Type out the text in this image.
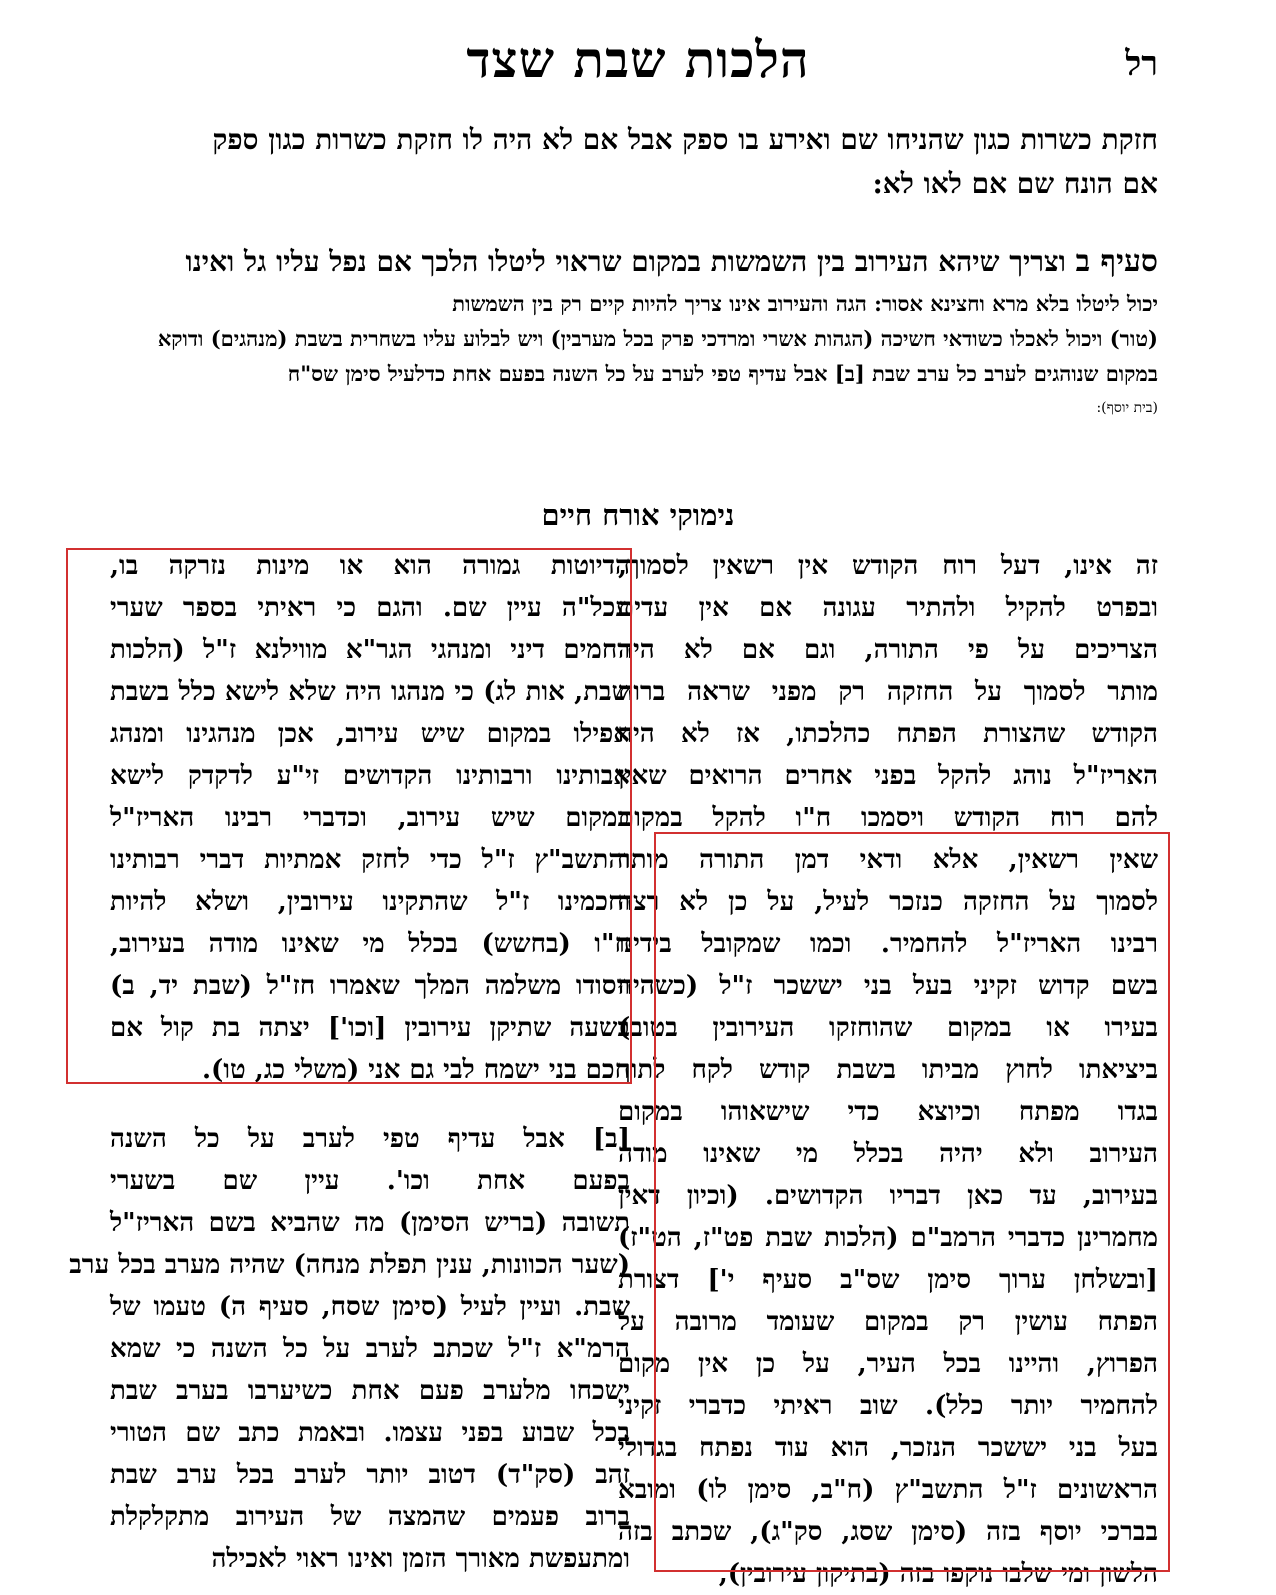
רל
הלכות שבת שצד
חזקת כשרות כגון שהניחו שם ואירע בו ספק אבל אם לא היה לו חזקת כשרות כגון ספק
אם הונח שם אם לאו לא:
סעיף ב וצריך שיהא העירוב בין השמשות במקום שראוי ליטלו הלכך אם נפל עליו גל ואינו
יכול ליטלו בלא מרא וחצינא אסור: הגה והעירוב אינו צריך להיות קיים רק בין השמשות
(טור) ויכול לאכלו כשודאי חשיכה (הגהות אשרי ומרדכי פרק בכל מערבין) ויש לבלוע עליו בשחרית בשבת (מנהגים) ודוקא
במקום שנוהגים לערב כל ערב שבת [ב] אבל עדיף טפי לערב על כל השנה בפעם אחת כדלעיל סימן שס"ח
(בית יוסף):
נימוקי אורח חיים
זה אינו, דעל רוח הקודש אין רשאין לסמוך,
ובפרט להקיל ולהתיר עגונה אם אין עדים
הצריכים על פי התורה, וגם אם לא היה
מותר לסמוך על החזקה רק מפני שראה ברוח
הקודש שהצורת הפתח כהלכתו, אז לא היה
האריז"ל נוהג להקל בפני אחרים הרואים שאין
להם רוח הקודש ויסמכו ח"ו להקל במקום
שאין רשאין, אלא ודאי דמן התורה מותר
לסמוך על החזקה כנזכר לעיל, על כן לא רצה
רבינו האריז"ל להחמיר. וכמו שמקובל בידינו
בשם קדוש זקיני בעל בני יששכר ז"ל (כשהיה
בעירו או במקום שהוחזקו העירובין בטוב)
ביציאתו לחוץ מביתו בשבת קודש לקח לתוך
בגדו מפתח וכיוצא כדי שישאוהו במקום
העירוב ולא יהיה בכלל מי שאינו מודה
בעירוב, עד כאן דבריו הקדושים. (וכיון דאין
מחמרינן כדברי הרמב"ם (הלכות שבת פט"ז, הט"ז)
[ובשלחן ערוך סימן שס"ב סעיף י'] דצורת
הפתח עושין רק במקום שעומד מרובה על
הפרוץ, והיינו בכל העיר, על כן אין מקום
להחמיר יותר כלל). שוב ראיתי כדברי זקיני
בעל בני יששכר הנזכר, הוא עוד נפתח בגדולי
הראשונים ז"ל התשב"ץ (ח"ב, סימן לו) ומובא
בברכי יוסף בזה (סימן שסג, סק"ג), שכתב בזה
הלשון ומי שלבו נוקפו בזה (בתיקון עירובין),
הדיוטות גמורה הוא או מינות נזרקה בו,
עכל"ה עיין שם. והגם כי ראיתי בספר שערי
רחמים דיני ומנהגי הגר"א מווילנא ז"ל (הלכות
שבת, אות לג) כי מנהגו היה שלא לישא כלל בשבת
אפילו במקום שיש עירוב, אכן מנהגינו ומנהג
אבותינו ורבותינו הקדושים זי"ע לדקדק לישא
במקום שיש עירוב, וכדברי רבינו האריז"ל
והתשב"ץ ז"ל כדי לחזק אמתיות דברי רבותינו
וחכמינו ז"ל שהתקינו עירובין, ושלא להיות
ח"ו (בחשש) בכלל מי שאינו מודה בעירוב,
ויסודו משלמה המלך שאמרו חז"ל (שבת יד, ב)
בשעה שתיקן עירובין [וכו'] יצתה בת קול אם
חכם בני ישמח לבי גם אני (משלי כג, טו).
[ב] אבל עדיף טפי לערב על כל השנה
בפעם אחת וכו'. עיין שם בשערי
תשובה (בריש הסימן) מה שהביא בשם האריז"ל
(שער הכוונות, ענין תפלת מנחה) שהיה מערב בכל ערב
שבת. ועיין לעיל (סימן שסח, סעיף ה) טעמו של
הרמ"א ז"ל שכתב לערב על כל השנה כי שמא
ישכחו מלערב פעם אחת כשיערבו בערב שבת
בכל שבוע בפני עצמו. ובאמת כתב שם הטורי
זהב (סק"ד) דטוב יותר לערב בכל ערב שבת
ברוב פעמים שהמצה של העירוב מתקלקלת
ומתעפשת מאורך הזמן ואינו ראוי לאכילה
